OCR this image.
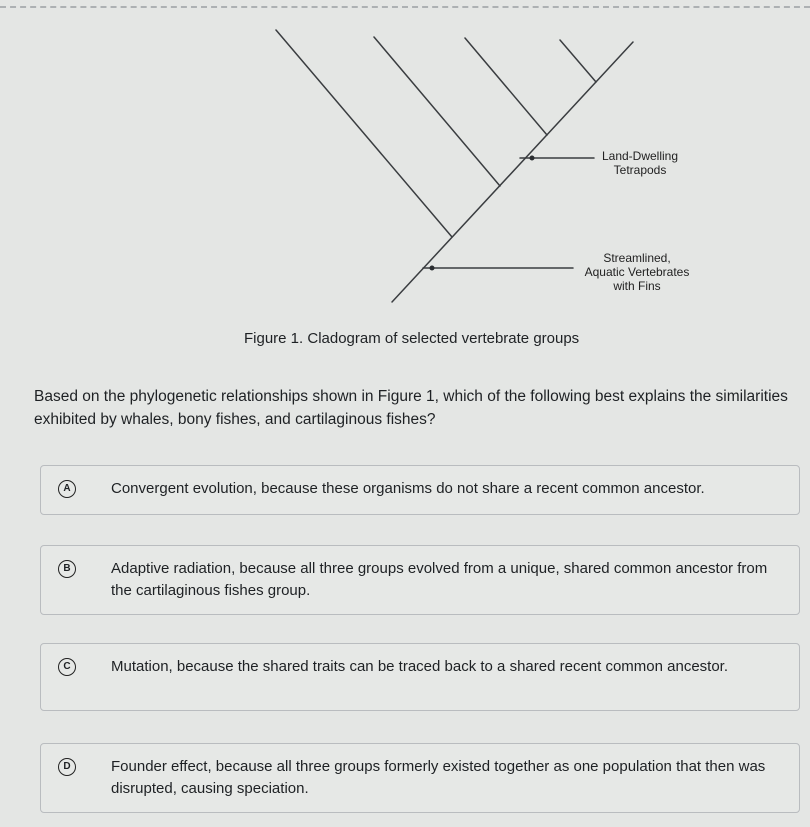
Land-Dwelling
Tetrapods
Streamlined,
Aquatic Vertebrates
with Fins
Figure 1. Cladogram of selected vertebrate groups
Based on the phylogenetic relationships shown in Figure 1, which of the following best explains the similarities exhibited by whales, bony fishes, and cartilaginous fishes?
A	Convergent evolution, because these organisms do not share a recent common ancestor.
B	Adaptive radiation, because all three groups evolved from a unique, shared common ancestor from the cartilaginous fishes group.
C	Mutation, because the shared traits can be traced back to a shared recent common ancestor.
D	Founder effect, because all three groups formerly existed together as one population that then was disrupted, causing speciation.
